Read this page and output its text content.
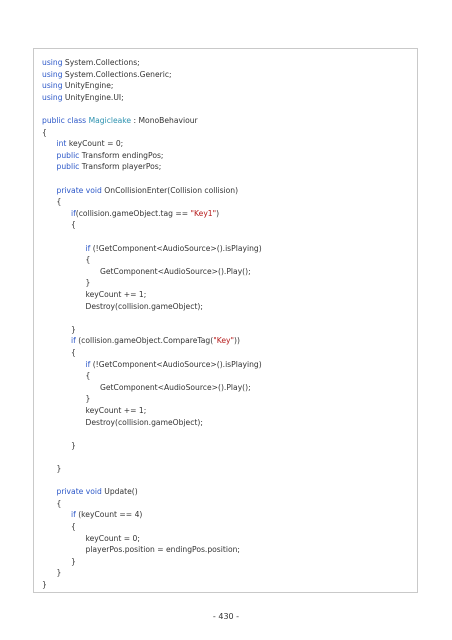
using System.Collections;
using System.Collections.Generic;
using UnityEngine;
using UnityEngine.UI;
public class Magicleake : MonoBehaviour
{
int keyCount = 0;
public Transform endingPos;
public Transform playerPos;
private void OnCollisionEnter(Collision collision)
{
if(collision.gameObject.tag == "Key1")
{
if (!GetComponent<AudioSource>().isPlaying)
{
GetComponent<AudioSource>().Play();
}
keyCount += 1;
Destroy(collision.gameObject);
}
if (collision.gameObject.CompareTag("Key"))
{
if (!GetComponent<AudioSource>().isPlaying)
{
GetComponent<AudioSource>().Play();
}
keyCount += 1;
Destroy(collision.gameObject);
}
}
private void Update()
{
if (keyCount == 4)
{
keyCount = 0;
playerPos.position = endingPos.position;
}
}
}
- 430 -
